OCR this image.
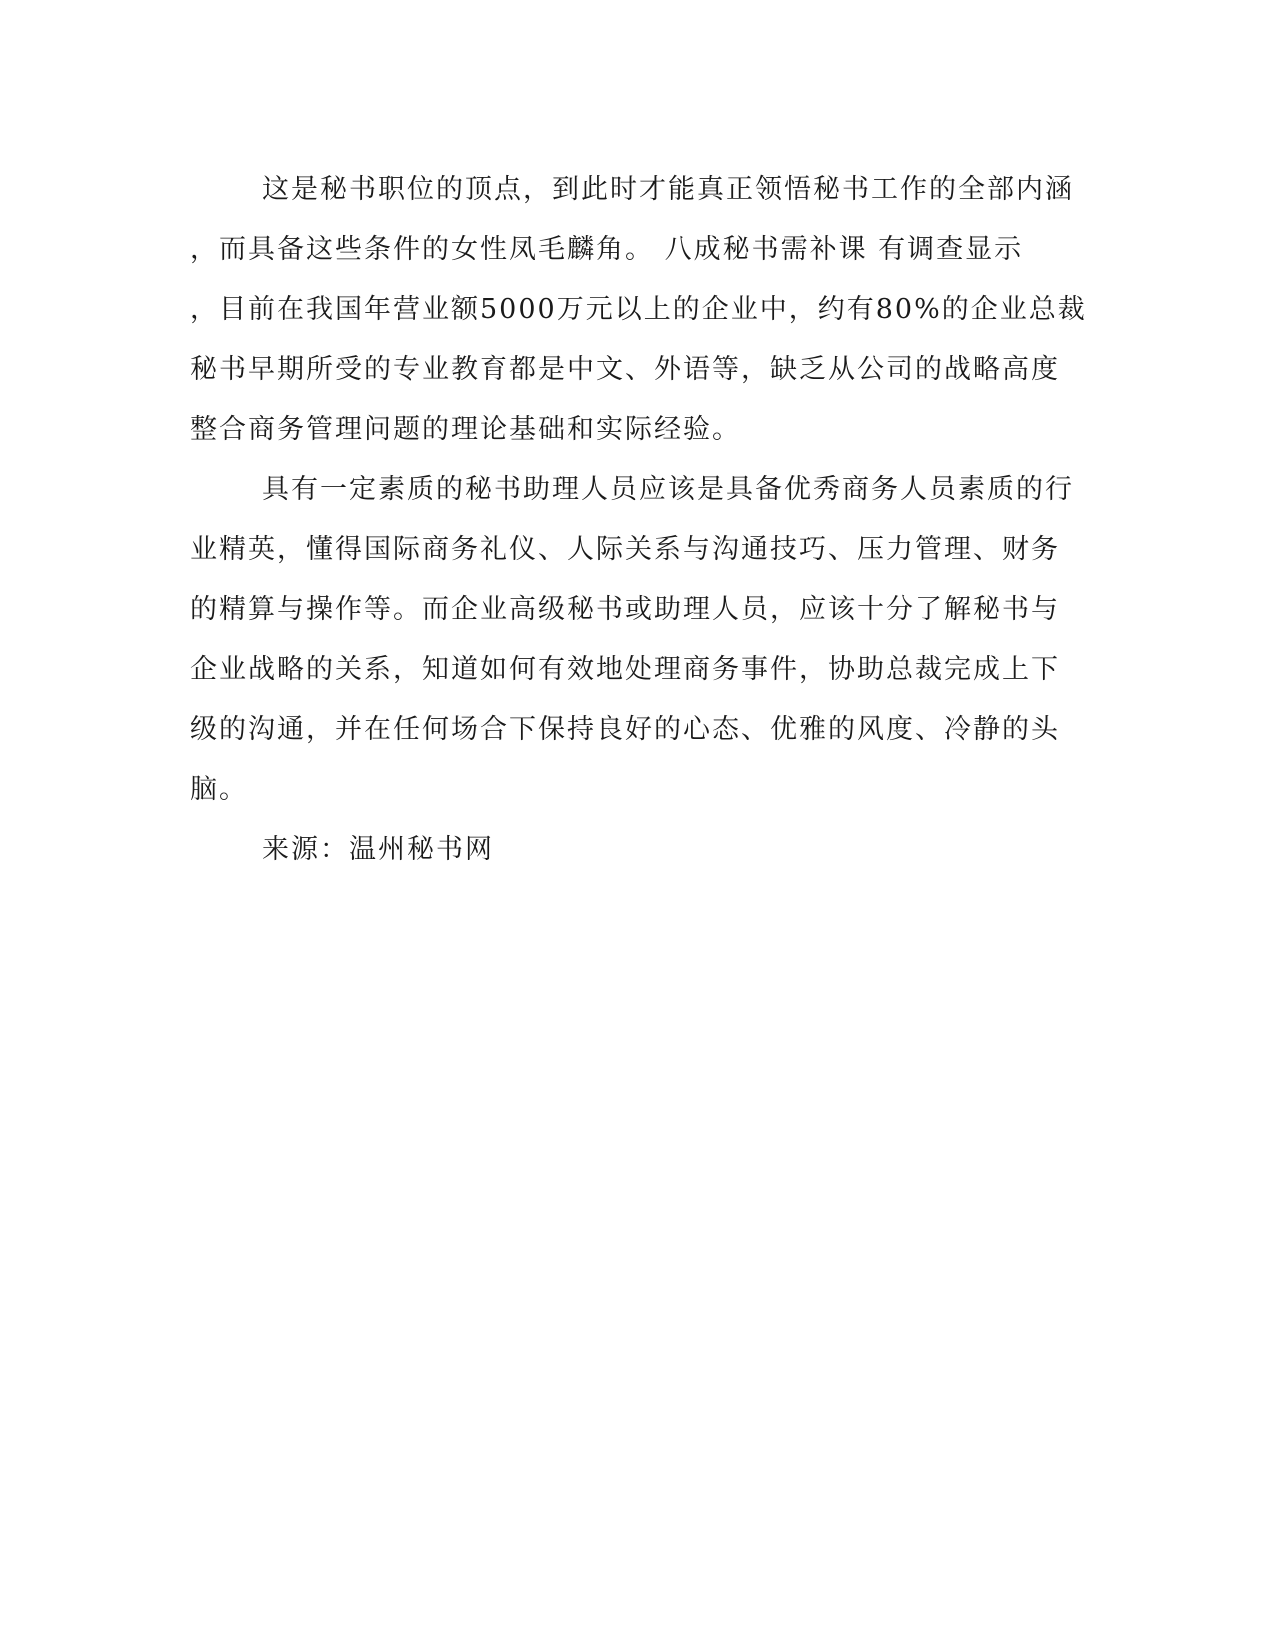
这是秘书职位的顶点，到此时才能真正领悟秘书工作的全部内涵
，而具备这些条件的女性凤毛麟角。 八成秘书需补课 有调查显示
，目前在我国年营业额5000万元以上的企业中，约有80%的企业总裁
秘书早期所受的专业教育都是中文、外语等，缺乏从公司的战略高度
整合商务管理问题的理论基础和实际经验。
具有一定素质的秘书助理人员应该是具备优秀商务人员素质的行
业精英，懂得国际商务礼仪、人际关系与沟通技巧、压力管理、财务
的精算与操作等。而企业高级秘书或助理人员，应该十分了解秘书与
企业战略的关系，知道如何有效地处理商务事件，协助总裁完成上下
级的沟通，并在任何场合下保持良好的心态、优雅的风度、冷静的头
脑。
来源：温州秘书网
